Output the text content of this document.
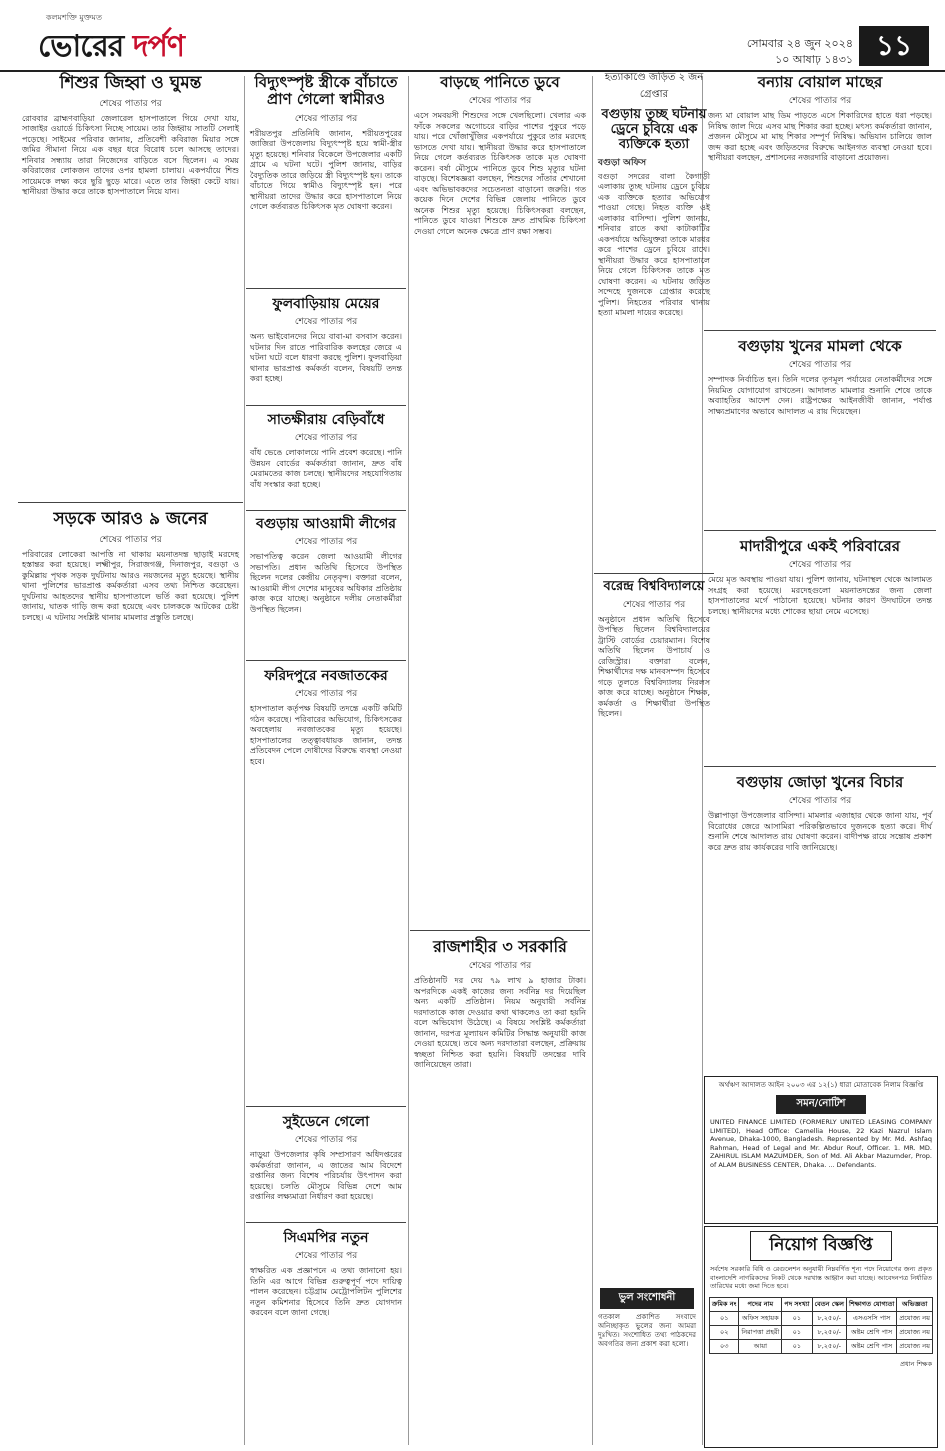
কলমশক্তি মুক্তমত
ভোরের দর্পণ	সোমবার ২৪ জুন ২০২৪
১০ আষাঢ় ১৪৩১ ১১
শিশুর জিহ্বা ও ঘুমন্ত
শেষের পাতার পর
রোববার ব্রাহ্মণবাড়িয়া জেলারেল হাসপাতালে গিয়ে দেখা যায়, সাজাইর ওয়ার্ডে চিকিৎসা নিচ্ছে সায়েম। তার জিহ্বায় সাতটি সেলাই পড়েছে। সাইমের পরিবার জানায়, প্রতিবেশী কবিরাজ মিয়ার সঙ্গে জমির সীমানা নিয়ে এক বছর ধরে বিরোধ চলে আসছে তাদের। শনিবার সন্ধ্যায় তারা নিজেদের বাড়িতে বসে ছিলেন। এ সময় কবিরাজের লোকজন তাদের ওপর হামলা চালায়। একপর্যায়ে শিশু সায়েমকে লক্ষ্য করে ছুরি ছুড়ে মারে। এতে তার জিহ্বা কেটে যায়। স্থানীয়রা উদ্ধার করে তাকে হাসপাতালে নিয়ে যান।
সড়কে আরও ৯ জনের
শেষের পাতার পর
পরিবারের লোকেরা আপত্তি না থাকায় ময়নাতদন্ত ছাড়াই মরদেহ হস্তান্তর করা হয়েছে। লক্ষ্মীপুর, সিরাজগঞ্জ, দিনাজপুর, বগুড়া ও কুমিল্লায় পৃথক সড়ক দুর্ঘটনায় আরও নয়জনের মৃত্যু হয়েছে। স্থানীয় থানা পুলিশের ভারপ্রাপ্ত কর্মকর্তারা এসব তথ্য নিশ্চিত করেছেন। দুর্ঘটনায় আহতদের স্থানীয় হাসপাতালে ভর্তি করা হয়েছে। পুলিশ জানায়, ঘাতক গাড়ি জব্দ করা হয়েছে এবং চালককে আটকের চেষ্টা চলছে। এ ঘটনায় সংশ্লিষ্ট থানায় মামলার প্রস্তুতি চলছে।
বিদ্যুৎস্পৃষ্ট স্ত্রীকে বাঁচাতে প্রাণ গেলো স্বামীরও
শেষের পাতার পর
শরীয়তপুর প্রতিনিধি জানান, শরীয়তপুরের জাজিরা উপজেলায় বিদ্যুৎস্পৃষ্ট হয়ে স্বামী-স্ত্রীর মৃত্যু হয়েছে। শনিবার বিকেলে উপজেলার একটি গ্রামে এ ঘটনা ঘটে। পুলিশ জানায়, বাড়ির বৈদ্যুতিক তারে জড়িয়ে স্ত্রী বিদ্যুৎস্পৃষ্ট হন। তাকে বাঁচাতে গিয়ে স্বামীও বিদ্যুৎস্পৃষ্ট হন। পরে স্থানীয়রা তাদের উদ্ধার করে হাসপাতালে নিয়ে গেলে কর্তব্যরত চিকিৎসক মৃত ঘোষণা করেন।
ফুলবাড়িয়ায় মেয়ের
শেষের পাতার পর
অন্য ভাইবোনদের নিয়ে বাবা-মা বসবাস করেন। ঘটনার দিন রাতে পারিবারিক কলহের জেরে এ ঘটনা ঘটে বলে ধারণা করছে পুলিশ। ফুলবাড়িয়া থানার ভারপ্রাপ্ত কর্মকর্তা বলেন, বিষয়টি তদন্ত করা হচ্ছে।
সাতক্ষীরায় বেড়িবাঁধে
শেষের পাতার পর
বাঁধ ভেঙে লোকালয়ে পানি প্রবেশ করেছে। পানি উন্নয়ন বোর্ডের কর্মকর্তারা জানান, দ্রুত বাঁধ মেরামতের কাজ চলছে। স্থানীয়দের সহযোগিতায় বাঁধ সংস্কার করা হচ্ছে।
বগুড়ায় আওয়ামী লীগের
শেষের পাতার পর
সভাপতিত্ব করেন জেলা আওয়ামী লীগের সভাপতি। প্রধান অতিথি হিসেবে উপস্থিত ছিলেন দলের কেন্দ্রীয় নেতৃবৃন্দ। বক্তারা বলেন, আওয়ামী লীগ দেশের মানুষের অধিকার প্রতিষ্ঠায় কাজ করে যাচ্ছে। অনুষ্ঠানে দলীয় নেতাকর্মীরা উপস্থিত ছিলেন।
ফরিদপুরে নবজাতকের
শেষের পাতার পর
হাসপাতাল কর্তৃপক্ষ বিষয়টি তদন্তে একটি কমিটি গঠন করেছে। পরিবারের অভিযোগ, চিকিৎসকের অবহেলায় নবজাতকের মৃত্যু হয়েছে। হাসপাতালের তত্ত্বাবধায়ক জানান, তদন্ত প্রতিবেদন পেলে দোষীদের বিরুদ্ধে ব্যবস্থা নেওয়া হবে।
সুইডেনে গেলো
শেষের পাতার পর
নাড়ুয়া উপজেলার কৃষি সম্প্রসারণ অধিদপ্তরের কর্মকর্তারা জানান, এ জাতের আম বিদেশে রপ্তানির জন্য বিশেষ পরিচর্যায় উৎপাদন করা হয়েছে। চলতি মৌসুমে বিভিন্ন দেশে আম রপ্তানির লক্ষ্যমাত্রা নির্ধারণ করা হয়েছে।
সিএমপির নতুন
শেষের পাতার পর
স্বাক্ষরিত এক প্রজ্ঞাপনে এ তথ্য জানানো হয়। তিনি এর আগে বিভিন্ন গুরুত্বপূর্ণ পদে দায়িত্ব পালন করেছেন। চট্টগ্রাম মেট্রোপলিটন পুলিশের নতুন কমিশনার হিসেবে তিনি দ্রুত যোগদান করবেন বলে জানা গেছে।
বাড়ছে পানিতে ডুবে
শেষের পাতার পর
এসে সমবয়সী শিশুদের সঙ্গে খেলছিলো। খেলার এক ফাঁকে সকলের অগোচরে বাড়ির পাশের পুকুরে পড়ে যায়। পরে খোঁজাখুঁজির একপর্যায়ে পুকুরে তার মরদেহ ভাসতে দেখা যায়। স্থানীয়রা উদ্ধার করে হাসপাতালে নিয়ে গেলে কর্তব্যরত চিকিৎসক তাকে মৃত ঘোষণা করেন। বর্ষা মৌসুমে পানিতে ডুবে শিশু মৃত্যুর ঘটনা বাড়ছে। বিশেষজ্ঞরা বলছেন, শিশুদের সাঁতার শেখানো এবং অভিভাবকদের সচেতনতা বাড়ানো জরুরি। গত কয়েক দিনে দেশের বিভিন্ন জেলায় পানিতে ডুবে অনেক শিশুর মৃত্যু হয়েছে। চিকিৎসকরা বলছেন, পানিতে ডুবে যাওয়া শিশুকে দ্রুত প্রাথমিক চিকিৎসা দেওয়া গেলে অনেক ক্ষেত্রে প্রাণ রক্ষা সম্ভব।
রাজশাহীর ৩ সরকারি
শেষের পাতার পর
প্রতিষ্ঠানটি দর দেয় ৭৯ লাখ ৯ হাজার টাকা। অপরদিকে একই কাজের জন্য সর্বনিম্ন দর দিয়েছিল অন্য একটি প্রতিষ্ঠান। নিয়ম অনুযায়ী সর্বনিম্ন দরদাতাকে কাজ দেওয়ার কথা থাকলেও তা করা হয়নি বলে অভিযোগ উঠেছে। এ বিষয়ে সংশ্লিষ্ট কর্মকর্তারা জানান, দরপত্র মূল্যায়ন কমিটির সিদ্ধান্ত অনুযায়ী কাজ দেওয়া হয়েছে। তবে অন্য দরদাতারা বলছেন, প্রক্রিয়ায় স্বচ্ছতা নিশ্চিত করা হয়নি। বিষয়টি তদন্তের দাবি জানিয়েছেন তারা।
হত্যাকাণ্ডে জড়িত ২ জন গ্রেপ্তার
বগুড়ায় তুচ্ছ ঘটনায় ড্রেনে চুবিয়ে এক ব্যক্তিকে হত্যা
বগুড়া অফিস
বগুড়া সদরের বালা কৈগাড়ী এলাকায় তুচ্ছ ঘটনায় ড্রেনে চুবিয়ে এক ব্যক্তিকে হত্যার অভিযোগ পাওয়া গেছে। নিহত ব্যক্তি ওই এলাকার বাসিন্দা। পুলিশ জানায়, শনিবার রাতে কথা কাটাকাটির একপর্যায়ে অভিযুক্তরা তাকে মারধর করে পাশের ড্রেনে চুবিয়ে রাখে। স্থানীয়রা উদ্ধার করে হাসপাতালে নিয়ে গেলে চিকিৎসক তাকে মৃত ঘোষণা করেন। এ ঘটনায় জড়িত সন্দেহে দুজনকে গ্রেপ্তার করেছে পুলিশ। নিহতের পরিবার থানায় হত্যা মামলা দায়ের করেছে।
বরেন্দ্র বিশ্ববিদ্যালয়ে
শেষের পাতার পর
অনুষ্ঠানে প্রধান অতিথি হিসেবে উপস্থিত ছিলেন বিশ্ববিদ্যালয়ের ট্রাস্টি বোর্ডের চেয়ারম্যান। বিশেষ অতিথি ছিলেন উপাচার্য ও রেজিস্ট্রার। বক্তারা বলেন, শিক্ষার্থীদের দক্ষ মানবসম্পদ হিসেবে গড়ে তুলতে বিশ্ববিদ্যালয় নিরলস কাজ করে যাচ্ছে। অনুষ্ঠানে শিক্ষক, কর্মকর্তা ও শিক্ষার্থীরা উপস্থিত ছিলেন।
বন্যায় বোয়াল মাছের
শেষের পাতার পর
জন্য মা বোয়াল মাছ ডিম পাড়তে এসে শিকারিদের হাতে ধরা পড়ছে। নিষিদ্ধ জাল দিয়ে এসব মাছ শিকার করা হচ্ছে। মৎস্য কর্মকর্তারা জানান, প্রজনন মৌসুমে মা মাছ শিকার সম্পূর্ণ নিষিদ্ধ। অভিযান চালিয়ে জাল জব্দ করা হচ্ছে এবং জড়িতদের বিরুদ্ধে আইনগত ব্যবস্থা নেওয়া হবে। স্থানীয়রা বলছেন, প্রশাসনের নজরদারি বাড়ানো প্রয়োজন।
বগুড়ায় খুনের মামলা থেকে
শেষের পাতার পর
সম্পাদক নির্বাচিত হন। তিনি দলের তৃণমূল পর্যায়ের নেতাকর্মীদের সঙ্গে নিয়মিত যোগাযোগ রাখতেন। আদালত মামলার শুনানি শেষে তাকে অব্যাহতির আদেশ দেন। রাষ্ট্রপক্ষের আইনজীবী জানান, পর্যাপ্ত সাক্ষ্যপ্রমাণের অভাবে আদালত এ রায় দিয়েছেন।
মাদারীপুরে একই পরিবারের
শেষের পাতার পর
মেয়ে মৃত অবস্থায় পাওয়া যায়। পুলিশ জানায়, ঘটনাস্থল থেকে আলামত সংগ্রহ করা হয়েছে। মরদেহগুলো ময়নাতদন্তের জন্য জেলা হাসপাতালের মর্গে পাঠানো হয়েছে। ঘটনার কারণ উদঘাটনে তদন্ত চলছে। স্থানীয়দের মধ্যে শোকের ছায়া নেমে এসেছে।
বগুড়ায় জোড়া খুনের বিচার
শেষের পাতার পর
উল্লাপাড়া উপজেলার বাসিন্দা। মামলার এজাহার থেকে জানা যায়, পূর্ব বিরোধের জেরে আসামিরা পরিকল্পিতভাবে দুজনকে হত্যা করে। দীর্ঘ শুনানি শেষে আদালত রায় ঘোষণা করেন। বাদীপক্ষ রায়ে সন্তোষ প্রকাশ করে দ্রুত রায় কার্যকরের দাবি জানিয়েছে।
অর্থঋণ আদালত আইন ২০০৩ এর ১২(১) ধারা মোতাবেক নিলাম বিজ্ঞপ্তি
সমন/নোটিশ
UNITED FINANCE LIMITED (FORMERLY UNITED LEASING COMPANY LIMITED), Head Office: Camellia House, 22 Kazi Nazrul Islam Avenue, Dhaka-1000, Bangladesh. Represented by Mr. Md. Ashfaq Rahman, Head of Legal and Mr. Abdur Rouf, Officer. 1. MR. MD. ZAHIRUL ISLAM MAZUMDER, Son of Md. Ali Akbar Mazumder, Prop. of ALAM BUSINESS CENTER, Dhaka. ... Defendants.
নিয়োগ বিজ্ঞপ্তি
সর্বশেষ সরকারি বিধি ও রেগুলেশন অনুযায়ী নিম্নবর্ণিত শূন্য পদে নিয়োগের জন্য প্রকৃত বাংলাদেশি নাগরিকদের নিকট থেকে দরখাস্ত আহ্বান করা যাচ্ছে। আবেদনপত্র নির্ধারিত তারিখের মধ্যে জমা দিতে হবে।
ক্রমিক নং	পদের নাম	পদ সংখ্যা	বেতন স্কেল	শিক্ষাগত যোগ্যতা	অভিজ্ঞতা
০১	অফিস সহায়ক	০১	৮,২৫০/-	এসএসসি পাস	প্রযোজ্য নয়
০২	নিরাপত্তা প্রহরী	০১	৮,২৫০/-	অষ্টম শ্রেণি পাস	প্রযোজ্য নয়
০৩	আয়া	০১	৮,২৫০/-	অষ্টম শ্রেণি পাস	প্রযোজ্য নয়
প্রধান শিক্ষক
ভুল সংশোধনী
গতকাল প্রকাশিত সংবাদে অনিচ্ছাকৃত ভুলের জন্য আমরা দুঃখিত। সংশোধিত তথ্য পাঠকদের অবগতির জন্য প্রকাশ করা হলো।
